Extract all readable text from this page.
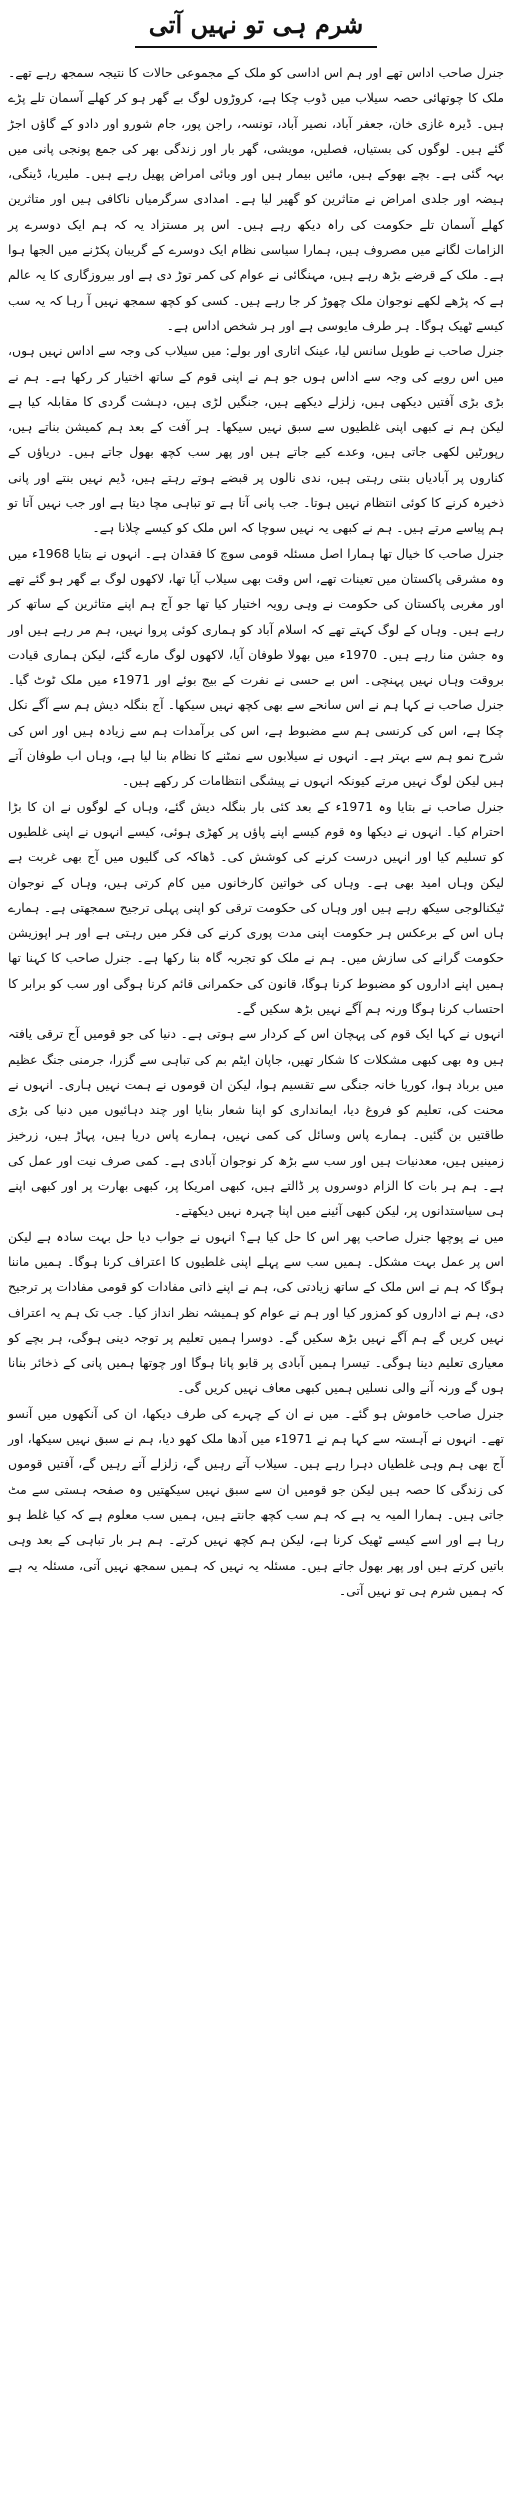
شرم ہی تو نہیں آتی

جنرل صاحب اداس تھے اور ہم اس اداسی کو ملک کے مجموعی حالات کا نتیجہ سمجھ رہے تھے۔ ملک کا چوتھائی حصہ سیلاب میں ڈوب چکا ہے، کروڑوں لوگ بے گھر ہو کر کھلے آسمان تلے پڑے ہیں۔ ڈیرہ غازی خان، جعفر آباد، نصیر آباد، تونسہ، راجن پور، جام شورو اور دادو کے گاؤں اجڑ گئے ہیں۔ لوگوں کی بستیاں، فصلیں، مویشی، گھر بار اور زندگی بھر کی جمع پونجی پانی میں بہہ گئی ہے۔ بچے بھوکے ہیں، مائیں بیمار ہیں اور وبائی امراض پھیل رہے ہیں۔ ملیریا، ڈینگی، ہیضہ اور جلدی امراض نے متاثرین کو گھیر لیا ہے۔ امدادی سرگرمیاں ناکافی ہیں اور متاثرین کھلے آسمان تلے حکومت کی راہ دیکھ رہے ہیں۔ اس پر مستزاد یہ کہ ہم ایک دوسرے پر الزامات لگانے میں مصروف ہیں، ہمارا سیاسی نظام ایک دوسرے کے گریبان پکڑنے میں الجھا ہوا ہے۔ ملک کے قرضے بڑھ رہے ہیں، مہنگائی نے عوام کی کمر توڑ دی ہے اور بیروزگاری کا یہ عالم ہے کہ پڑھے لکھے نوجوان ملک چھوڑ کر جا رہے ہیں۔ کسی کو کچھ سمجھ نہیں آ رہا کہ یہ سب کیسے ٹھیک ہوگا۔ ہر طرف مایوسی ہے اور ہر شخص اداس ہے۔

جنرل صاحب نے طویل سانس لیا، عینک اتاری اور بولے: میں سیلاب کی وجہ سے اداس نہیں ہوں، میں اس رویے کی وجہ سے اداس ہوں جو ہم نے اپنی قوم کے ساتھ اختیار کر رکھا ہے۔ ہم نے بڑی بڑی آفتیں دیکھی ہیں، زلزلے دیکھے ہیں، جنگیں لڑی ہیں، دہشت گردی کا مقابلہ کیا ہے لیکن ہم نے کبھی اپنی غلطیوں سے سبق نہیں سیکھا۔ ہر آفت کے بعد ہم کمیشن بناتے ہیں، رپورٹیں لکھی جاتی ہیں، وعدے کیے جاتے ہیں اور پھر سب کچھ بھول جاتے ہیں۔ دریاؤں کے کناروں پر آبادیاں بنتی رہتی ہیں، ندی نالوں پر قبضے ہوتے رہتے ہیں، ڈیم نہیں بنتے اور پانی ذخیرہ کرنے کا کوئی انتظام نہیں ہوتا۔ جب پانی آتا ہے تو تباہی مچا دیتا ہے اور جب نہیں آتا تو ہم پیاسے مرتے ہیں۔ ہم نے کبھی یہ نہیں سوچا کہ اس ملک کو کیسے چلانا ہے۔

جنرل صاحب کا خیال تھا ہمارا اصل مسئلہ قومی سوچ کا فقدان ہے۔ انہوں نے بتایا 1968ء میں وہ مشرقی پاکستان میں تعینات تھے، اس وقت بھی سیلاب آیا تھا، لاکھوں لوگ بے گھر ہو گئے تھے اور مغربی پاکستان کی حکومت نے وہی رویہ اختیار کیا تھا جو آج ہم اپنے متاثرین کے ساتھ کر رہے ہیں۔ وہاں کے لوگ کہتے تھے کہ اسلام آباد کو ہماری کوئی پروا نہیں، ہم مر رہے ہیں اور وہ جشن منا رہے ہیں۔ 1970ء میں بھولا طوفان آیا، لاکھوں لوگ مارے گئے، لیکن ہماری قیادت بروقت وہاں نہیں پہنچی۔ اس بے حسی نے نفرت کے بیج بوئے اور 1971ء میں ملک ٹوٹ گیا۔ جنرل صاحب نے کہا ہم نے اس سانحے سے بھی کچھ نہیں سیکھا۔ آج بنگلہ دیش ہم سے آگے نکل چکا ہے، اس کی کرنسی ہم سے مضبوط ہے، اس کی برآمدات ہم سے زیادہ ہیں اور اس کی شرح نمو ہم سے بہتر ہے۔ انہوں نے سیلابوں سے نمٹنے کا نظام بنا لیا ہے، وہاں اب طوفان آتے ہیں لیکن لوگ نہیں مرتے کیونکہ انہوں نے پیشگی انتظامات کر رکھے ہیں۔

جنرل صاحب نے بتایا وہ 1971ء کے بعد کئی بار بنگلہ دیش گئے، وہاں کے لوگوں نے ان کا بڑا احترام کیا۔ انہوں نے دیکھا وہ قوم کیسے اپنے پاؤں پر کھڑی ہوئی، کیسے انہوں نے اپنی غلطیوں کو تسلیم کیا اور انہیں درست کرنے کی کوشش کی۔ ڈھاکہ کی گلیوں میں آج بھی غربت ہے لیکن وہاں امید بھی ہے۔ وہاں کی خواتین کارخانوں میں کام کرتی ہیں، وہاں کے نوجوان ٹیکنالوجی سیکھ رہے ہیں اور وہاں کی حکومت ترقی کو اپنی پہلی ترجیح سمجھتی ہے۔ ہمارے ہاں اس کے برعکس ہر حکومت اپنی مدت پوری کرنے کی فکر میں رہتی ہے اور ہر اپوزیشن حکومت گرانے کی سازش میں۔ ہم نے ملک کو تجربہ گاہ بنا رکھا ہے۔ جنرل صاحب کا کہنا تھا ہمیں اپنے اداروں کو مضبوط کرنا ہوگا، قانون کی حکمرانی قائم کرنا ہوگی اور سب کو برابر کا احتساب کرنا ہوگا ورنہ ہم آگے نہیں بڑھ سکیں گے۔

انہوں نے کہا ایک قوم کی پہچان اس کے کردار سے ہوتی ہے۔ دنیا کی جو قومیں آج ترقی یافتہ ہیں وہ بھی کبھی مشکلات کا شکار تھیں، جاپان ایٹم بم کی تباہی سے گزرا، جرمنی جنگ عظیم میں برباد ہوا، کوریا خانہ جنگی سے تقسیم ہوا، لیکن ان قوموں نے ہمت نہیں ہاری۔ انہوں نے محنت کی، تعلیم کو فروغ دیا، ایمانداری کو اپنا شعار بنایا اور چند دہائیوں میں دنیا کی بڑی طاقتیں بن گئیں۔ ہمارے پاس وسائل کی کمی نہیں، ہمارے پاس دریا ہیں، پہاڑ ہیں، زرخیز زمینیں ہیں، معدنیات ہیں اور سب سے بڑھ کر نوجوان آبادی ہے۔ کمی صرف نیت اور عمل کی ہے۔ ہم ہر بات کا الزام دوسروں پر ڈالتے ہیں، کبھی امریکا پر، کبھی بھارت پر اور کبھی اپنے ہی سیاستدانوں پر، لیکن کبھی آئینے میں اپنا چہرہ نہیں دیکھتے۔

میں نے پوچھا جنرل صاحب پھر اس کا حل کیا ہے؟ انہوں نے جواب دیا حل بہت سادہ ہے لیکن اس پر عمل بہت مشکل۔ ہمیں سب سے پہلے اپنی غلطیوں کا اعتراف کرنا ہوگا۔ ہمیں ماننا ہوگا کہ ہم نے اس ملک کے ساتھ زیادتی کی، ہم نے اپنے ذاتی مفادات کو قومی مفادات پر ترجیح دی، ہم نے اداروں کو کمزور کیا اور ہم نے عوام کو ہمیشہ نظر انداز کیا۔ جب تک ہم یہ اعتراف نہیں کریں گے ہم آگے نہیں بڑھ سکیں گے۔ دوسرا ہمیں تعلیم پر توجہ دینی ہوگی، ہر بچے کو معیاری تعلیم دینا ہوگی۔ تیسرا ہمیں آبادی پر قابو پانا ہوگا اور چوتھا ہمیں پانی کے ذخائر بنانا ہوں گے ورنہ آنے والی نسلیں ہمیں کبھی معاف نہیں کریں گی۔

جنرل صاحب خاموش ہو گئے۔ میں نے ان کے چہرے کی طرف دیکھا، ان کی آنکھوں میں آنسو تھے۔ انہوں نے آہستہ سے کہا ہم نے 1971ء میں آدھا ملک کھو دیا، ہم نے سبق نہیں سیکھا، اور آج بھی ہم وہی غلطیاں دہرا رہے ہیں۔ سیلاب آتے رہیں گے، زلزلے آتے رہیں گے، آفتیں قوموں کی زندگی کا حصہ ہیں لیکن جو قومیں ان سے سبق نہیں سیکھتیں وہ صفحہ ہستی سے مٹ جاتی ہیں۔ ہمارا المیہ یہ ہے کہ ہم سب کچھ جانتے ہیں، ہمیں سب معلوم ہے کہ کیا غلط ہو رہا ہے اور اسے کیسے ٹھیک کرنا ہے، لیکن ہم کچھ نہیں کرتے۔ ہم ہر بار تباہی کے بعد وہی باتیں کرتے ہیں اور پھر بھول جاتے ہیں۔ مسئلہ یہ نہیں کہ ہمیں سمجھ نہیں آتی، مسئلہ یہ ہے کہ ہمیں شرم ہی تو نہیں آتی۔
